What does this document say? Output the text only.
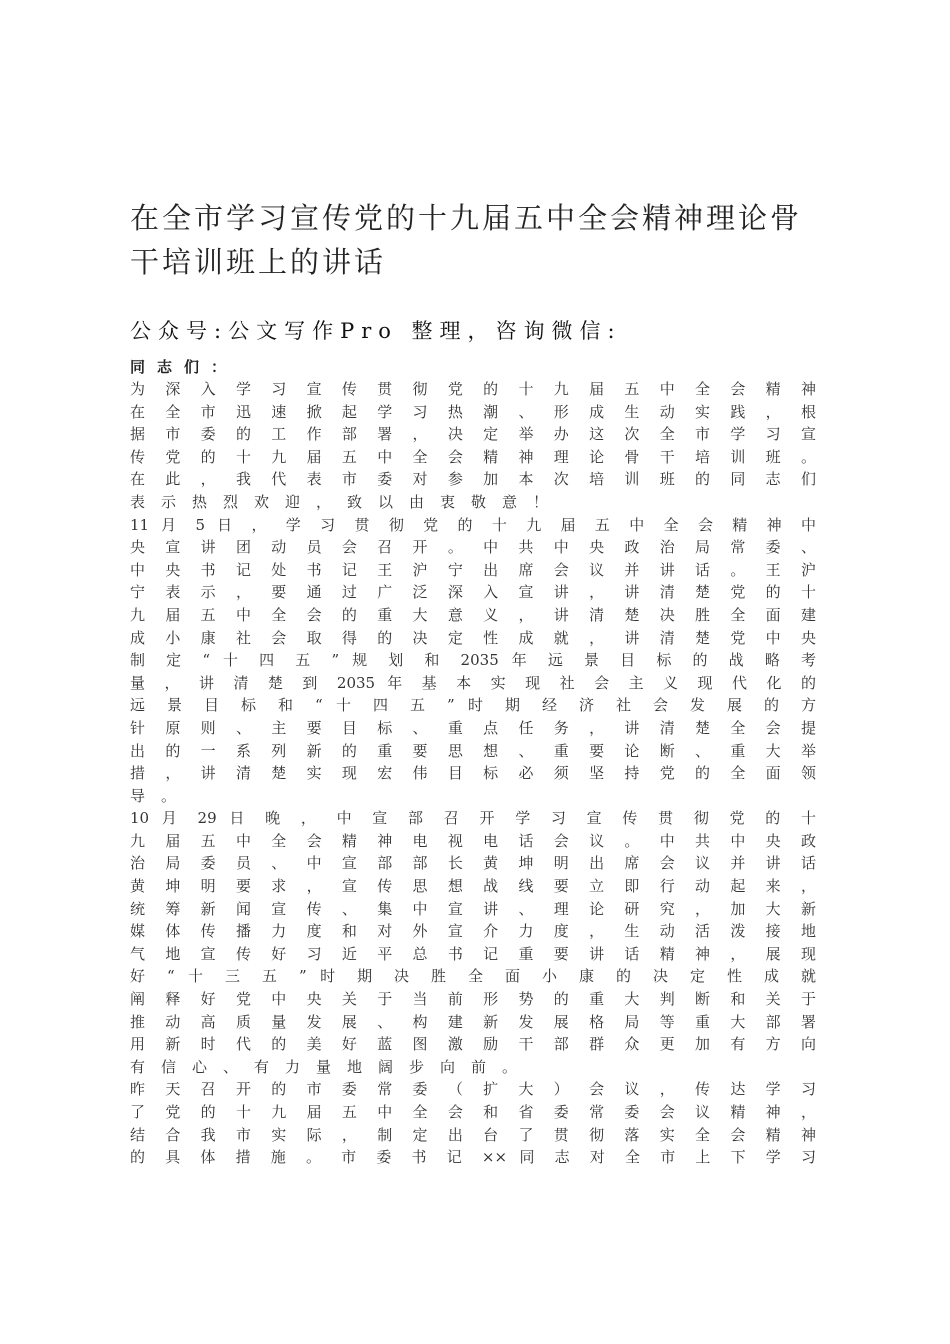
在全市学习宣传党的十九届五中全会精神理论骨干培训班上的讲话

公众号:公文写作Pro 整理，咨询微信:

同志们：

为 深 入 学 习 宣 传 贯 彻 党 的 十 九 届 五 中 全 会 精 神
在 全 市 迅 速 掀 起 学 习 热 潮 、 形 成 生 动 实 践 ， 根
据 市 委 的 工 作 部 署 ， 决 定 举 办 这 次 全 市 学 习 宣
传 党 的 十 九 届 五 中 全 会 精 神 理 论 骨 干 培 训 班 。
在 此 ， 我 代 表 市 委 对 参 加 本 次 培 训 班 的 同 志 们
表示热烈欢迎，致以由衷敬意！
11 月 5 日 ， 学 习 贯 彻 党 的 十 九 届 五 中 全 会 精 神 中
央 宣 讲 团 动 员 会 召 开 。 中 共 中 央 政 治 局 常 委 、
中 央 书 记 处 书 记 王 沪 宁 出 席 会 议 并 讲 话 。 王 沪
宁 表 示 ， 要 通 过 广 泛 深 入 宣 讲 ， 讲 清 楚 党 的 十
九 届 五 中 全 会 的 重 大 意 义 ， 讲 清 楚 决 胜 全 面 建
成 小 康 社 会 取 得 的 决 定 性 成 就 ， 讲 清 楚 党 中 央
制 定 “ 十 四 五 ” 规 划 和 2035 年 远 景 目 标 的 战 略 考
量 ， 讲 清 楚 到 2035 年 基 本 实 现 社 会 主 义 现 代 化 的
远 景 目 标 和 “ 十 四 五 ” 时 期 经 济 社 会 发 展 的 方
针 原 则 、 主 要 目 标 、 重 点 任 务 ， 讲 清 楚 全 会 提
出 的 一 系 列 新 的 重 要 思 想 、 重 要 论 断 、 重 大 举
措 ， 讲 清 楚 实 现 宏 伟 目 标 必 须 坚 持 党 的 全 面 领
导。
10 月 29 日 晚 ， 中 宣 部 召 开 学 习 宣 传 贯 彻 党 的 十
九 届 五 中 全 会 精 神 电 视 电 话 会 议 。 中 共 中 央 政
治 局 委 员 、 中 宣 部 部 长 黄 坤 明 出 席 会 议 并 讲 话
黄 坤 明 要 求 ， 宣 传 思 想 战 线 要 立 即 行 动 起 来 ，
统 筹 新 闻 宣 传 、 集 中 宣 讲 、 理 论 研 究 ， 加 大 新
媒 体 传 播 力 度 和 对 外 宣 介 力 度 ， 生 动 活 泼 接 地
气 地 宣 传 好 习 近 平 总 书 记 重 要 讲 话 精 神 ， 展 现
好 “ 十 三 五 ” 时 期 决 胜 全 面 小 康 的 决 定 性 成 就
阐 释 好 党 中 央 关 于 当 前 形 势 的 重 大 判 断 和 关 于
推 动 高 质 量 发 展 、 构 建 新 发 展 格 局 等 重 大 部 署
用 新 时 代 的 美 好 蓝 图 激 励 干 部 群 众 更 加 有 方 向
有信心、有力量地阔步向前。
昨 天 召 开 的 市 委 常 委 （ 扩 大 ） 会 议 ， 传 达 学 习
了 党 的 十 九 届 五 中 全 会 和 省 委 常 委 会 议 精 神 ，
结 合 我 市 实 际 ， 制 定 出 台 了 贯 彻 落 实 全 会 精 神
的 具 体 措 施 。 市 委 书 记 ×× 同 志 对 全 市 上 下 学 习
